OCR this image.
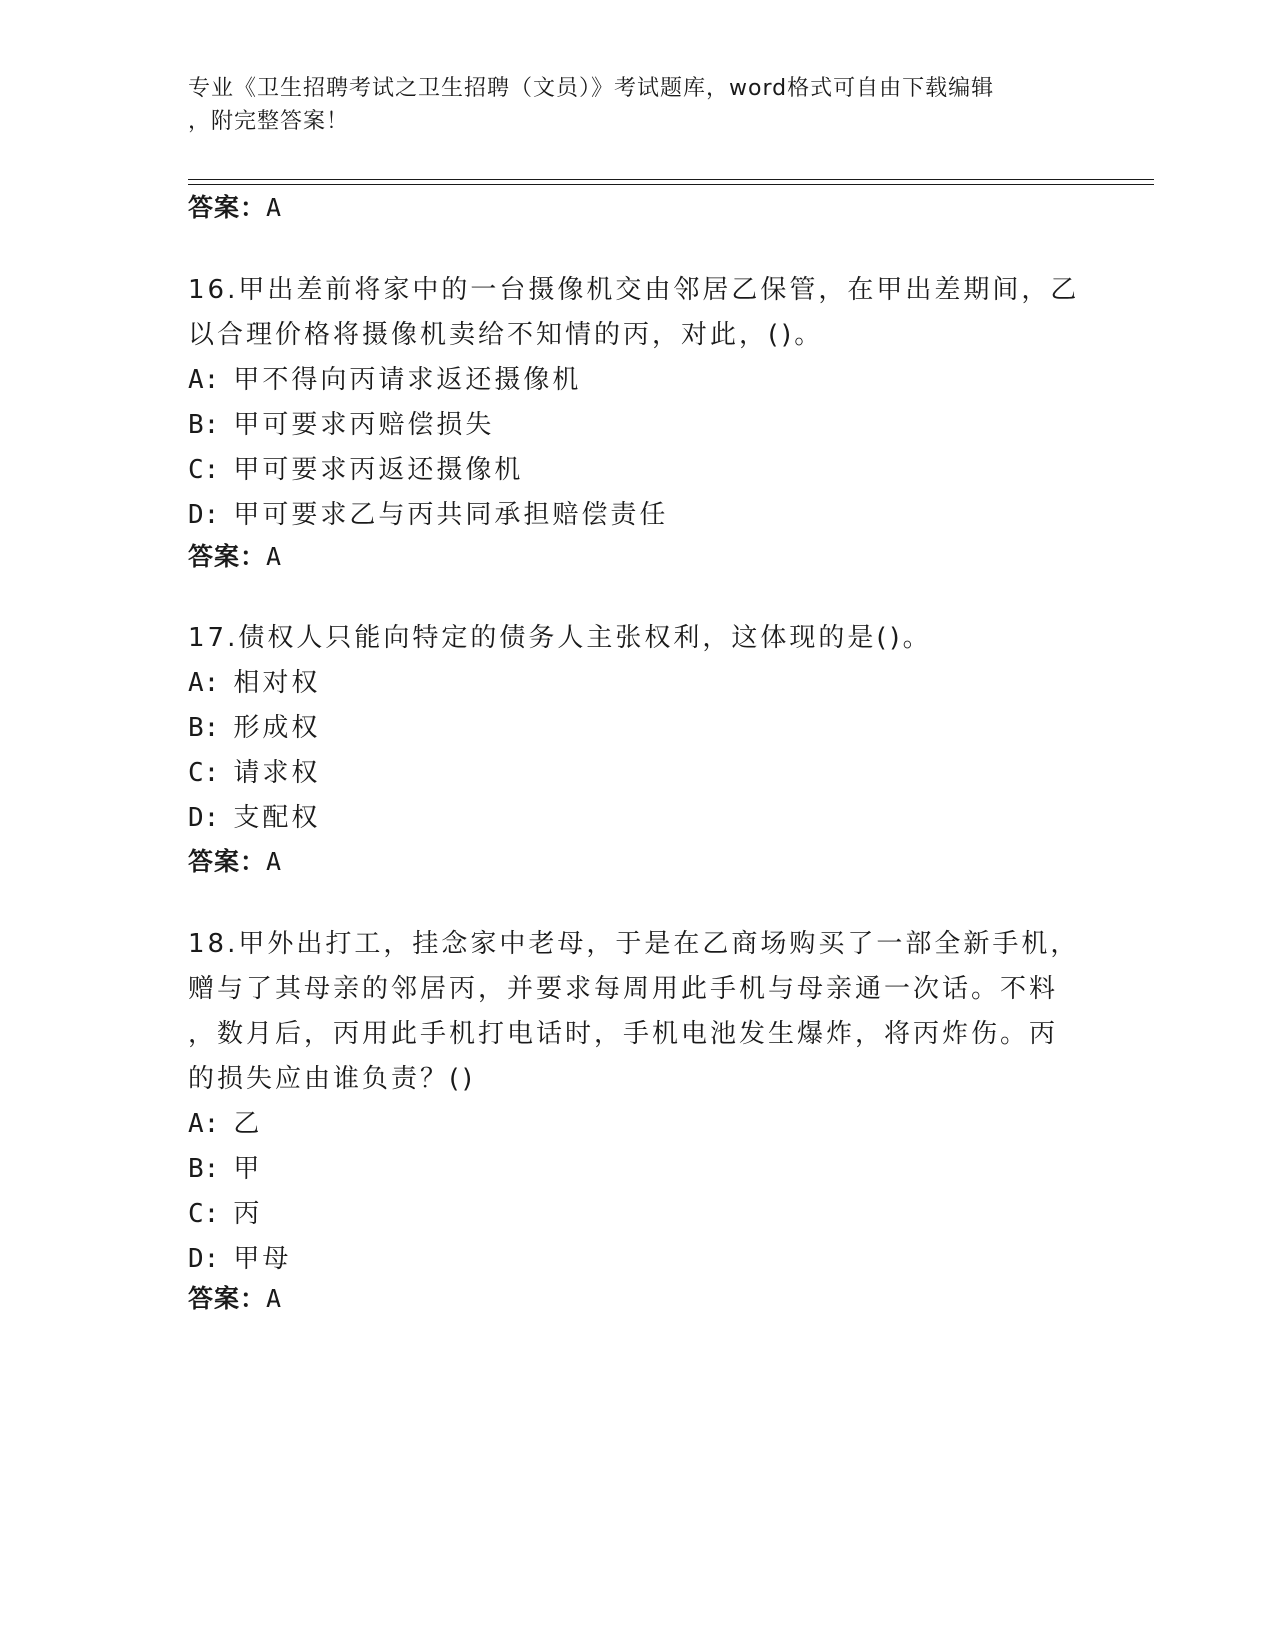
专业《卫生招聘考试之卫生招聘（文员）》考试题库，word格式可自由下载编辑
，附完整答案！
答案：A
16.甲出差前将家中的一台摄像机交由邻居乙保管，在甲出差期间，乙
以合理价格将摄像机卖给不知情的丙，对此，()。
A: 甲不得向丙请求返还摄像机
B: 甲可要求丙赔偿损失
C: 甲可要求丙返还摄像机
D: 甲可要求乙与丙共同承担赔偿责任
答案：A
17.债权人只能向特定的债务人主张权利，这体现的是()。
A: 相对权
B: 形成权
C: 请求权
D: 支配权
答案：A
18.甲外出打工，挂念家中老母，于是在乙商场购买了一部全新手机，
赠与了其母亲的邻居丙，并要求每周用此手机与母亲通一次话。不料
，数月后，丙用此手机打电话时，手机电池发生爆炸，将丙炸伤。丙
的损失应由谁负责？()
A: 乙
B: 甲
C: 丙
D: 甲母
答案：A
